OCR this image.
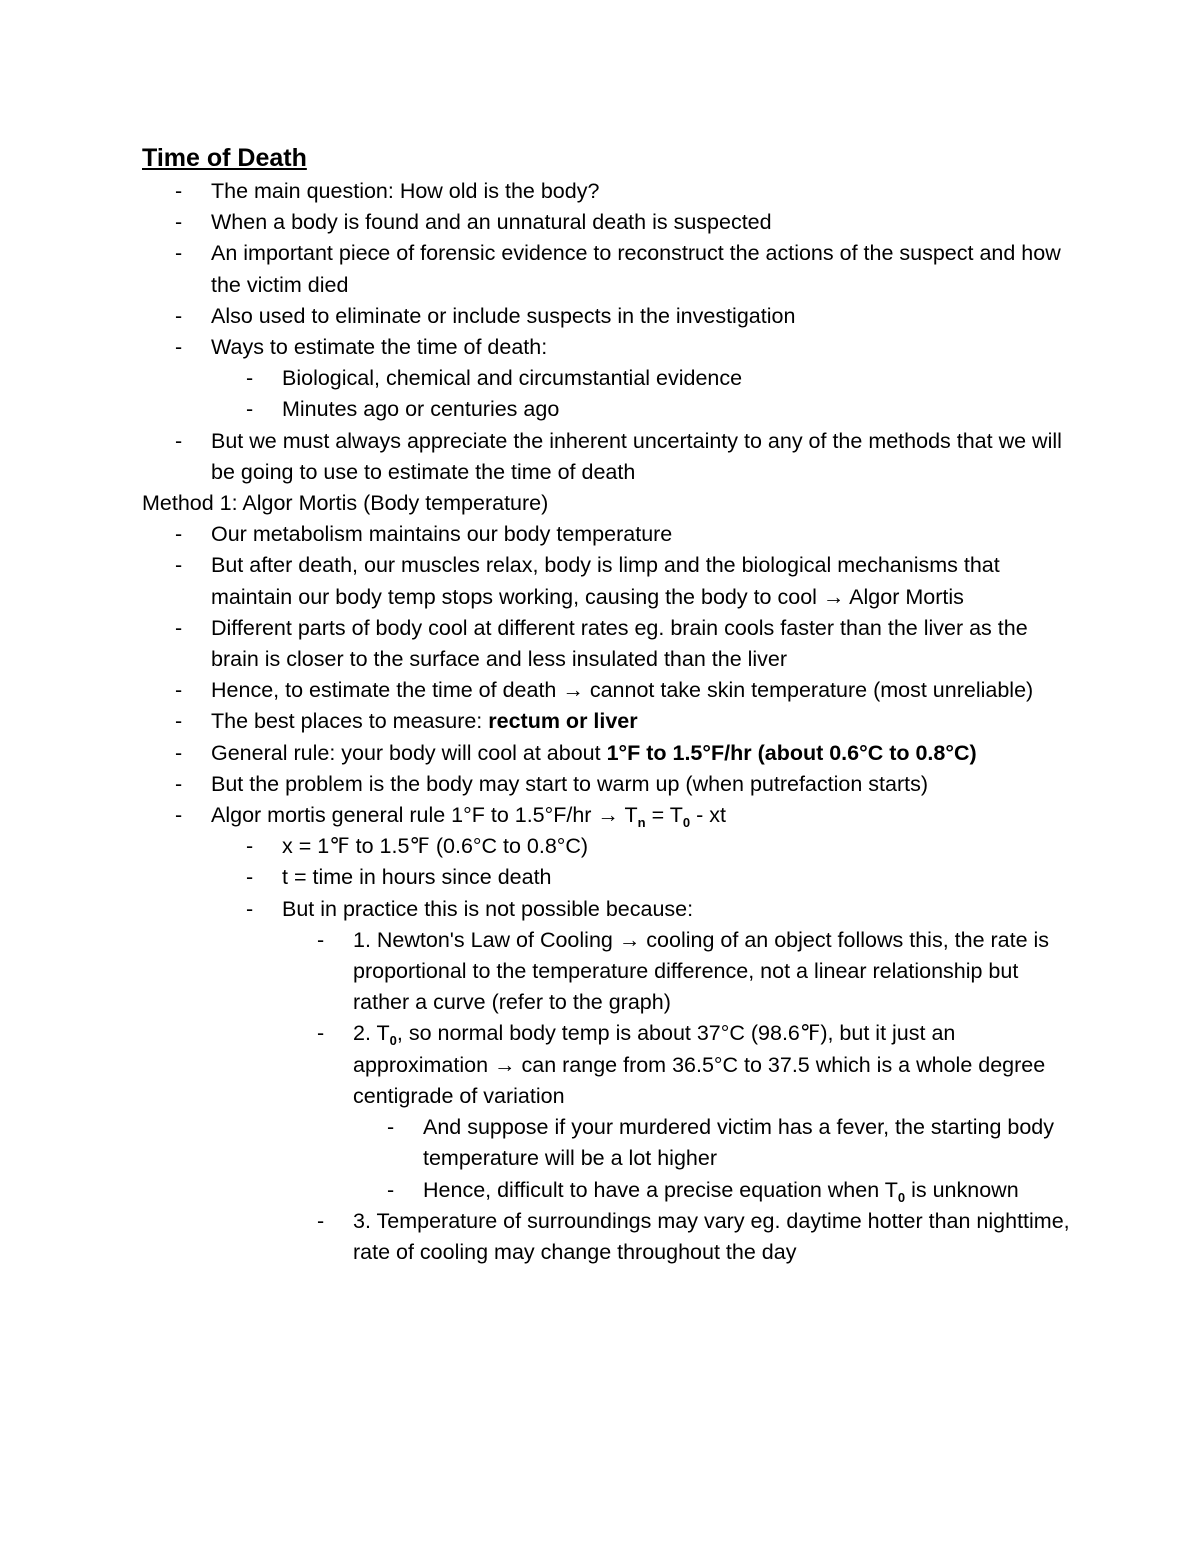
Time of Death
- The main question: How old is the body?
- When a body is found and an unnatural death is suspected
- An important piece of forensic evidence to reconstruct the actions of the suspect and how the victim died
- Also used to eliminate or include suspects in the investigation
- Ways to estimate the time of death:
- Biological, chemical and circumstantial evidence
- Minutes ago or centuries ago
- But we must always appreciate the inherent uncertainty to any of the methods that we will be going to use to estimate the time of death
Method 1: Algor Mortis (Body temperature)
- Our metabolism maintains our body temperature
- But after death, our muscles relax, body is limp and the biological mechanisms that maintain our body temp stops working, causing the body to cool → Algor Mortis
- Different parts of body cool at different rates eg. brain cools faster than the liver as the brain is closer to the surface and less insulated than the liver
- Hence, to estimate the time of death → cannot take skin temperature (most unreliable)
- The best places to measure: rectum or liver
- General rule: your body will cool at about 1°F to 1.5°F/hr (about 0.6°C to 0.8°C)
- But the problem is the body may start to warm up (when putrefaction starts)
- Algor mortis general rule 1°F to $1.5^\circ F/hr \to T_n = T_0$ - xt
- x = 1℉ to 1.5℉ (0.6°C to 0.8°C)
- t = time in hours since death
- But in practice this is not possible because:
- 1. Newton's Law of Cooling → cooling of an object follows this, the rate is proportional to the temperature difference, not a linear relationship but rather a curve (refer to the graph)
- 2. $T_0$, so normal body temp is about 37°C (98.6℉), but it just an approximation → can range from 36.5°C to 37.5 which is a whole degree centigrade of variation
- And suppose if your murdered victim has a fever, the starting body temperature will be a lot higher
- Hence, difficult to have a precise equation when $T_0$ is unknown
- 3. Temperature of surroundings may vary eg. daytime hotter than nighttime, rate of cooling may change throughout the day
